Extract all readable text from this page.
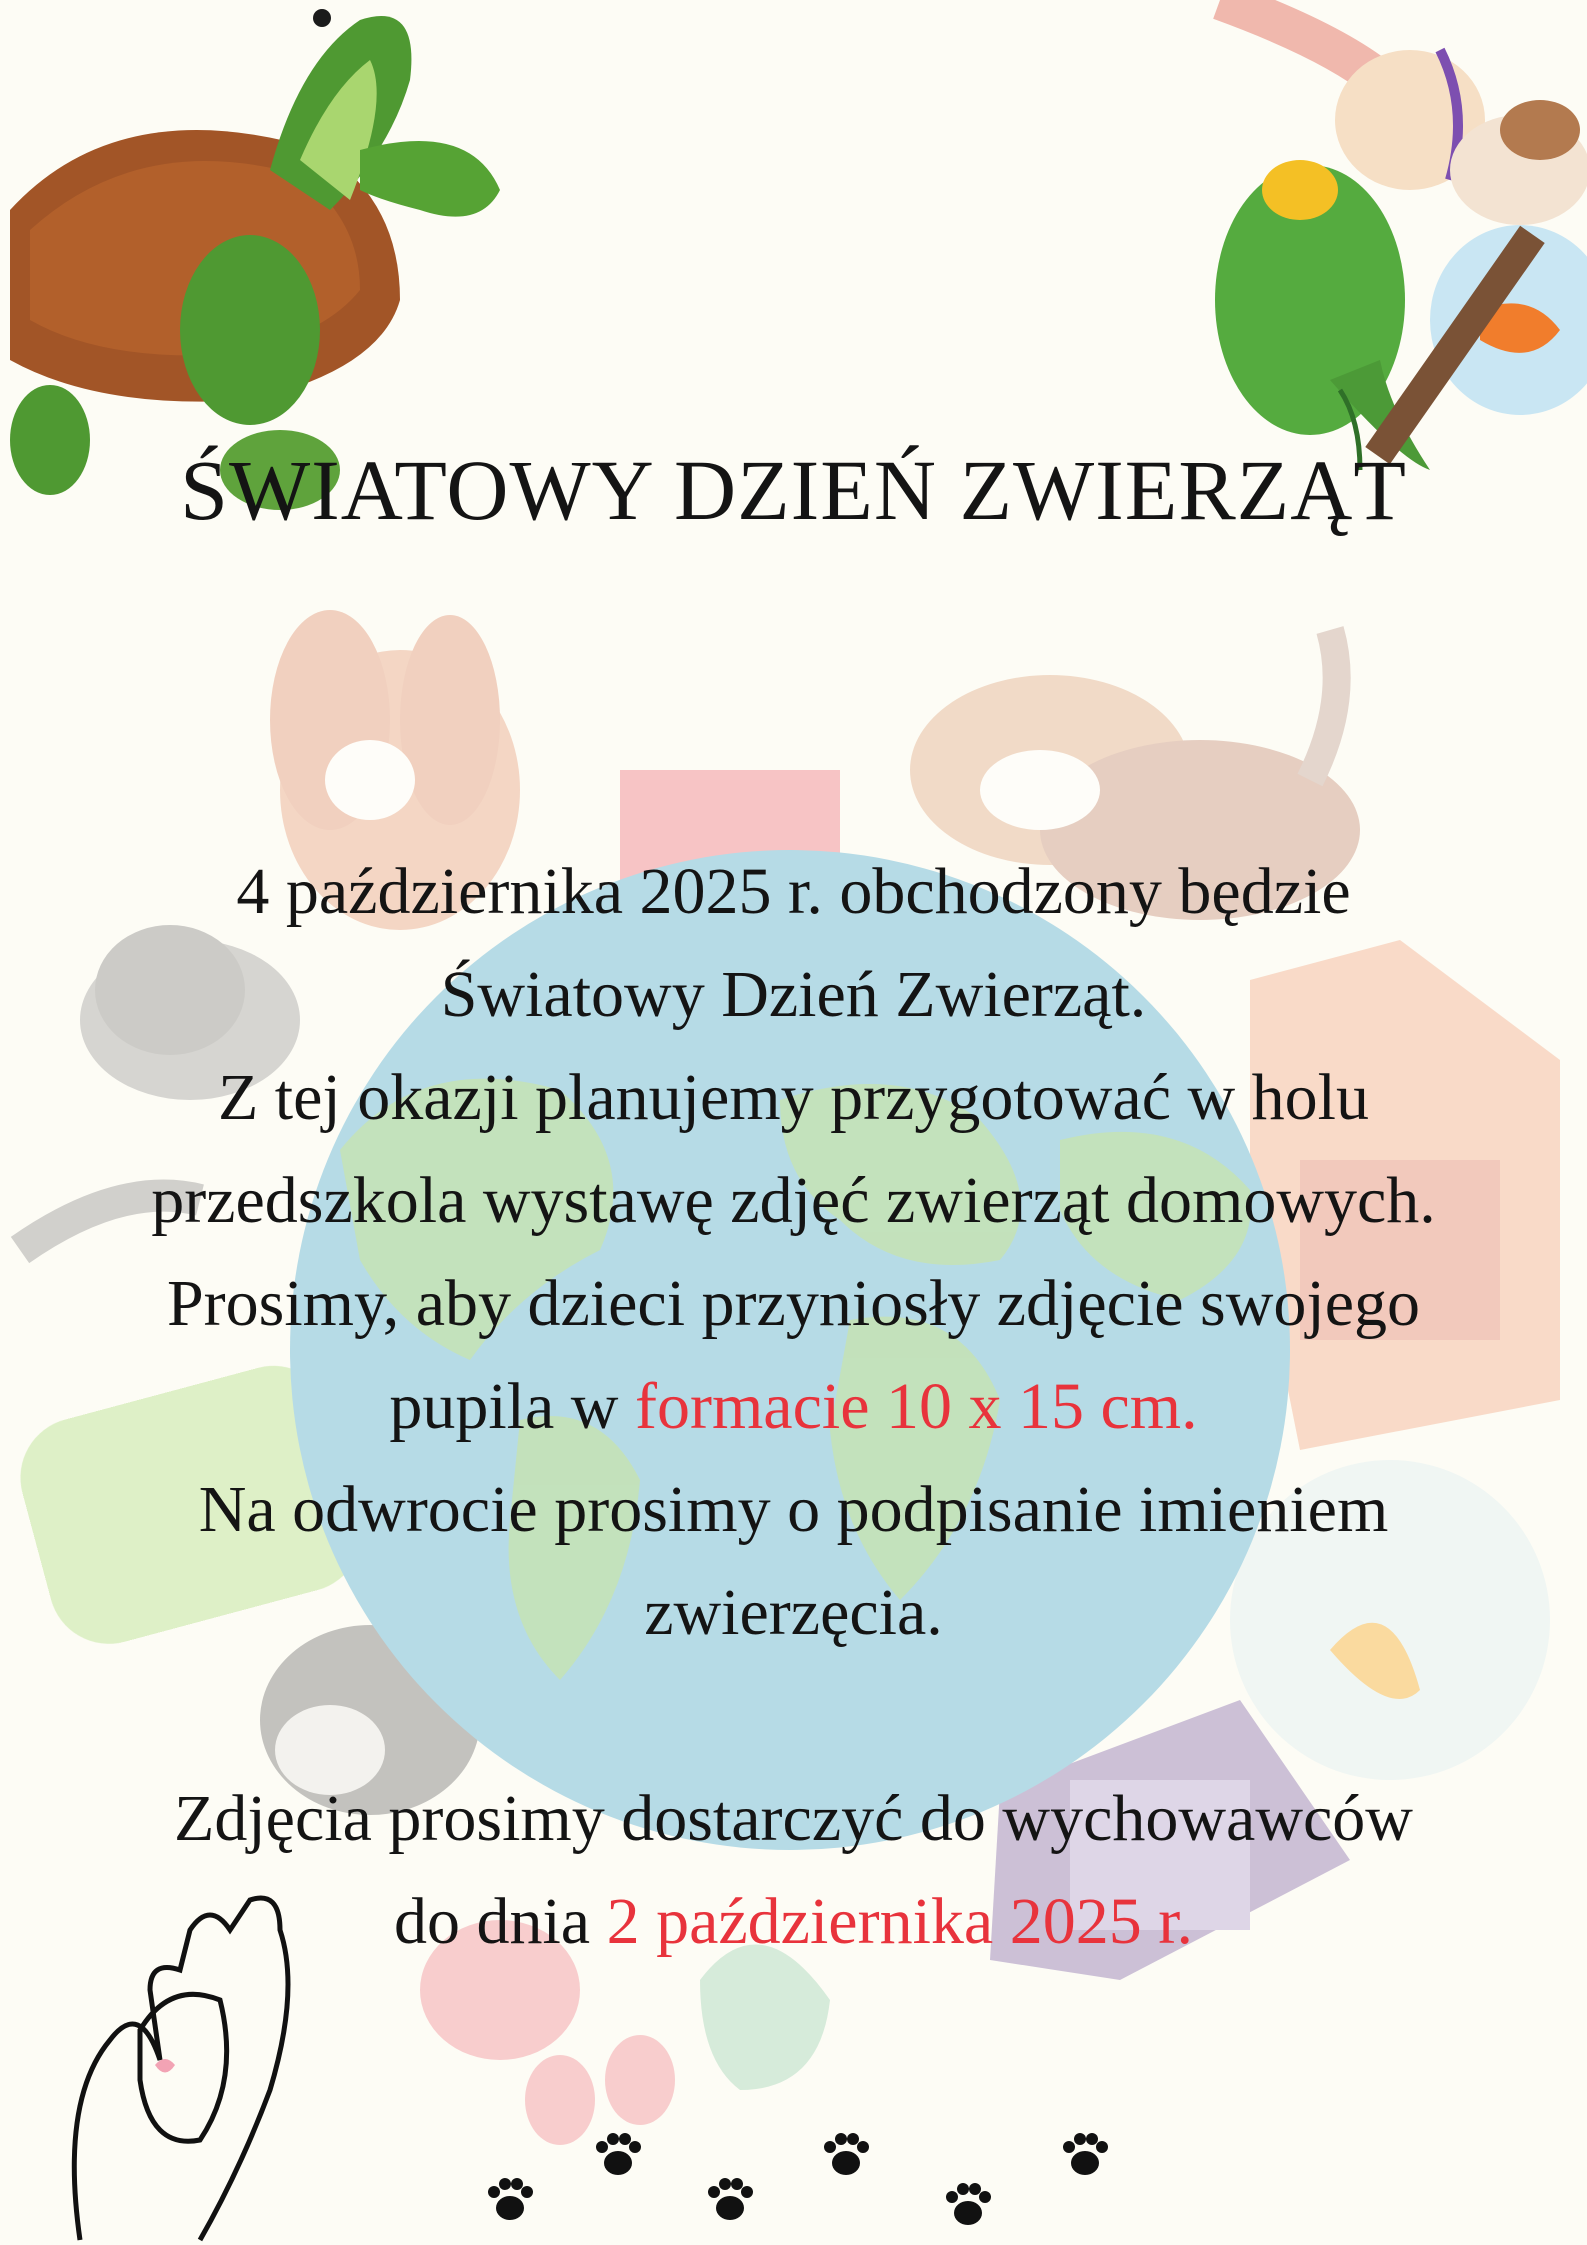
ŚWIATOWY DZIEŃ ZWIERZĄT
4 października 2025 r. obchodzony będzie
Światowy Dzień Zwierząt.
Z tej okazji planujemy przygotować w holu
przedszkola wystawę zdjęć zwierząt domowych.
Prosimy, aby dzieci przyniosły zdjęcie swojego
pupila w formacie 10 x 15 cm.
Na odwrocie prosimy o podpisanie imieniem
zwierzęcia.
Zdjęcia prosimy dostarczyć do wychowawców
do dnia 2 października 2025 r.
